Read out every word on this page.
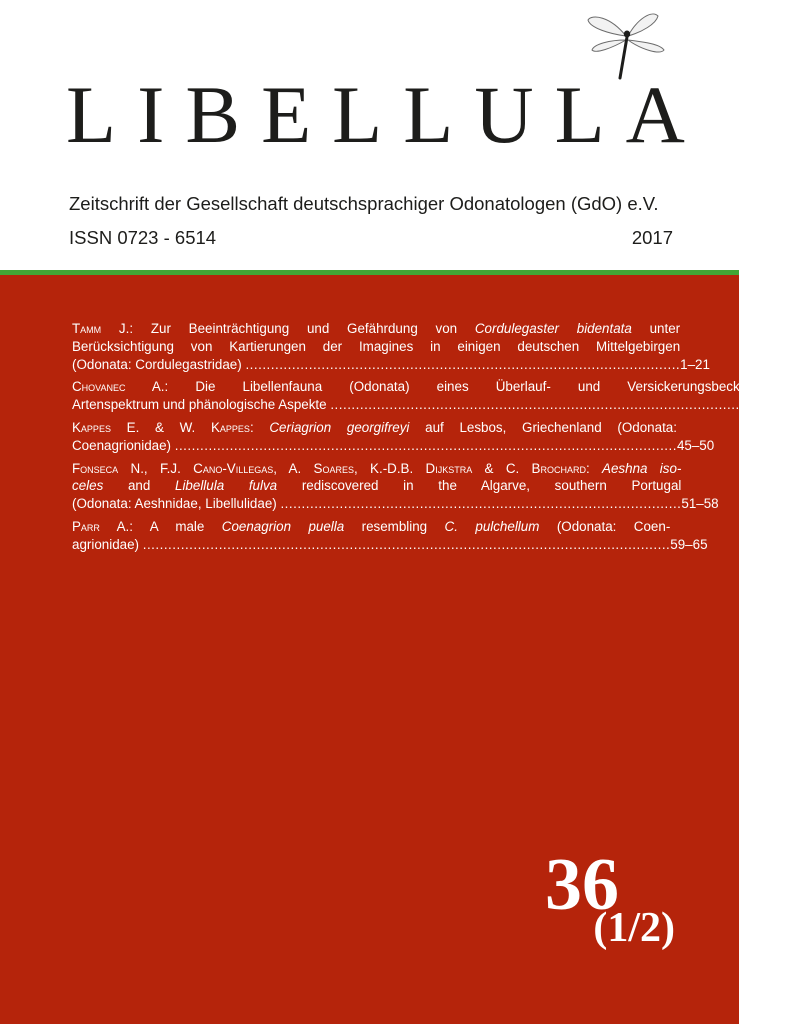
LIBELLULA
Zeitschrift der Gesellschaft deutschsprachiger Odonatologen (GdO) e.V.
ISSN 0723 - 6514	2017
Tamm J.: Zur Beeinträchtigung und Gefährdung von Cordulegaster bidentata unter
Berücksichtigung von Kartierungen der Imagines in einigen deutschen Mittelgebirgen
(Odonata: Cordulegastridae) ....................................................................................................... 1–21
Chovanec A.: Die Libellenfauna (Odonata) eines Überlauf- und Versickerungsbeckens:
Artenspektrum und phänologische Aspekte ....................................................................................................... 23–44
Kappes E. & W. Kappes: Ceriagrion georgifreyi auf Lesbos, Griechenland (Odonata:
Coenagrionidae) ....................................................................................................................... 45–50
Fonseca N., F.J. Cano-Villegas, A. Soares, K.-D.B. Dijkstra & C. Brochard: Aeshna iso-
celes and Libellula fulva rediscovered in the Algarve, southern Portugal
(Odonata: Aeshnidae, Libellulidae) ............................................................................................... 51–58
Parr A.: A male Coenagrion puella resembling C. pulchellum (Odonata: Coen-
agrionidae) ............................................................................................................................. 59–65
36
(1/2)
